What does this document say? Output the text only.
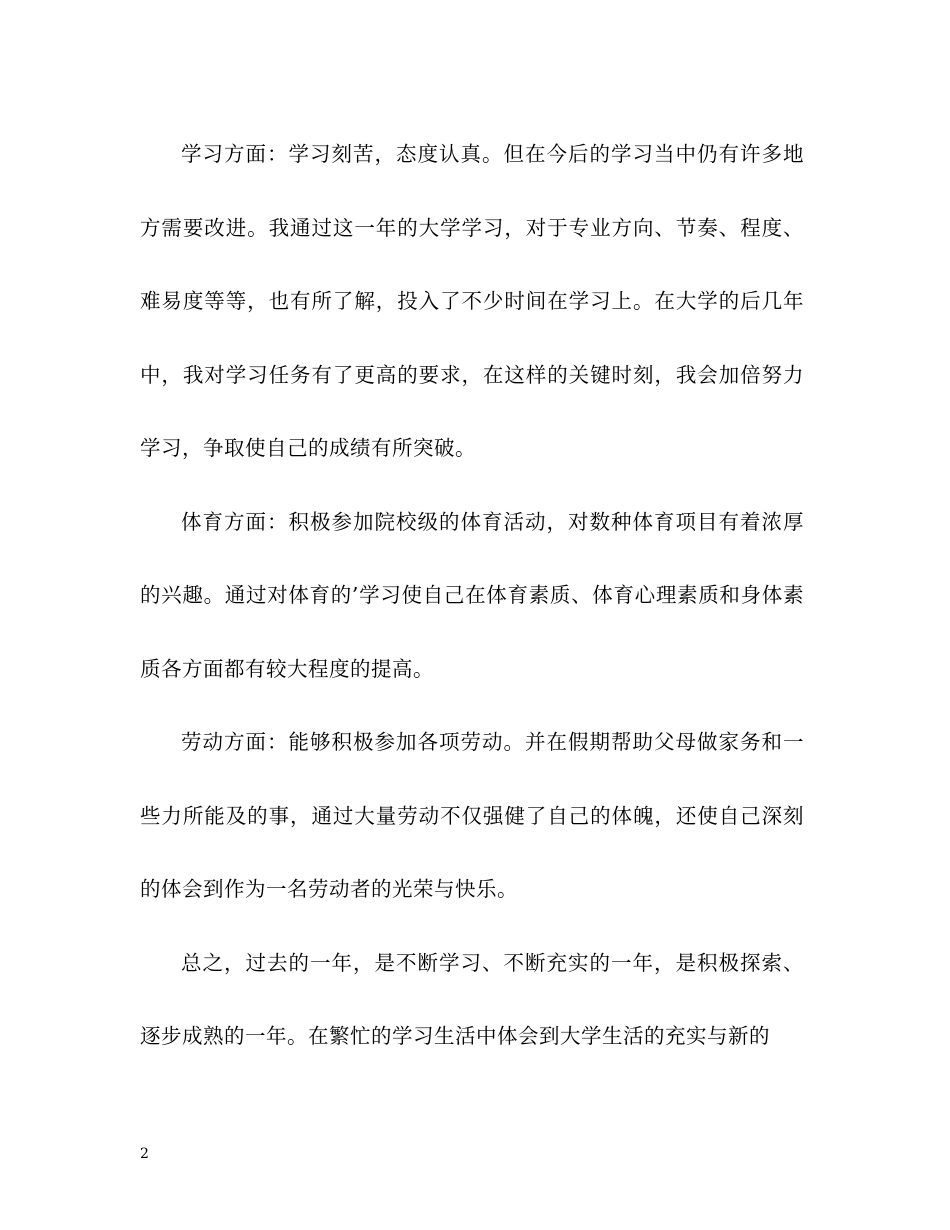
学习方面：学习刻苦，态度认真。但在今后的学习当中仍有许多地方需要改进。我通过这一年的大学学习，对于专业方向、节奏、程度、难易度等等，也有所了解，投入了不少时间在学习上。在大学的后几年中，我对学习任务有了更高的要求，在这样的关键时刻，我会加倍努力学习，争取使自己的成绩有所突破。

体育方面：积极参加院校级的体育活动，对数种体育项目有着浓厚的兴趣。通过对体育的’学习使自己在体育素质、体育心理素质和身体素质各方面都有较大程度的提高。

劳动方面：能够积极参加各项劳动。并在假期帮助父母做家务和一些力所能及的事，通过大量劳动不仅强健了自己的体魄，还使自己深刻的体会到作为一名劳动者的光荣与快乐。

总之，过去的一年，是不断学习、不断充实的一年，是积极探索、逐步成熟的一年。在繁忙的学习生活中体会到大学生活的充实与新的

2
